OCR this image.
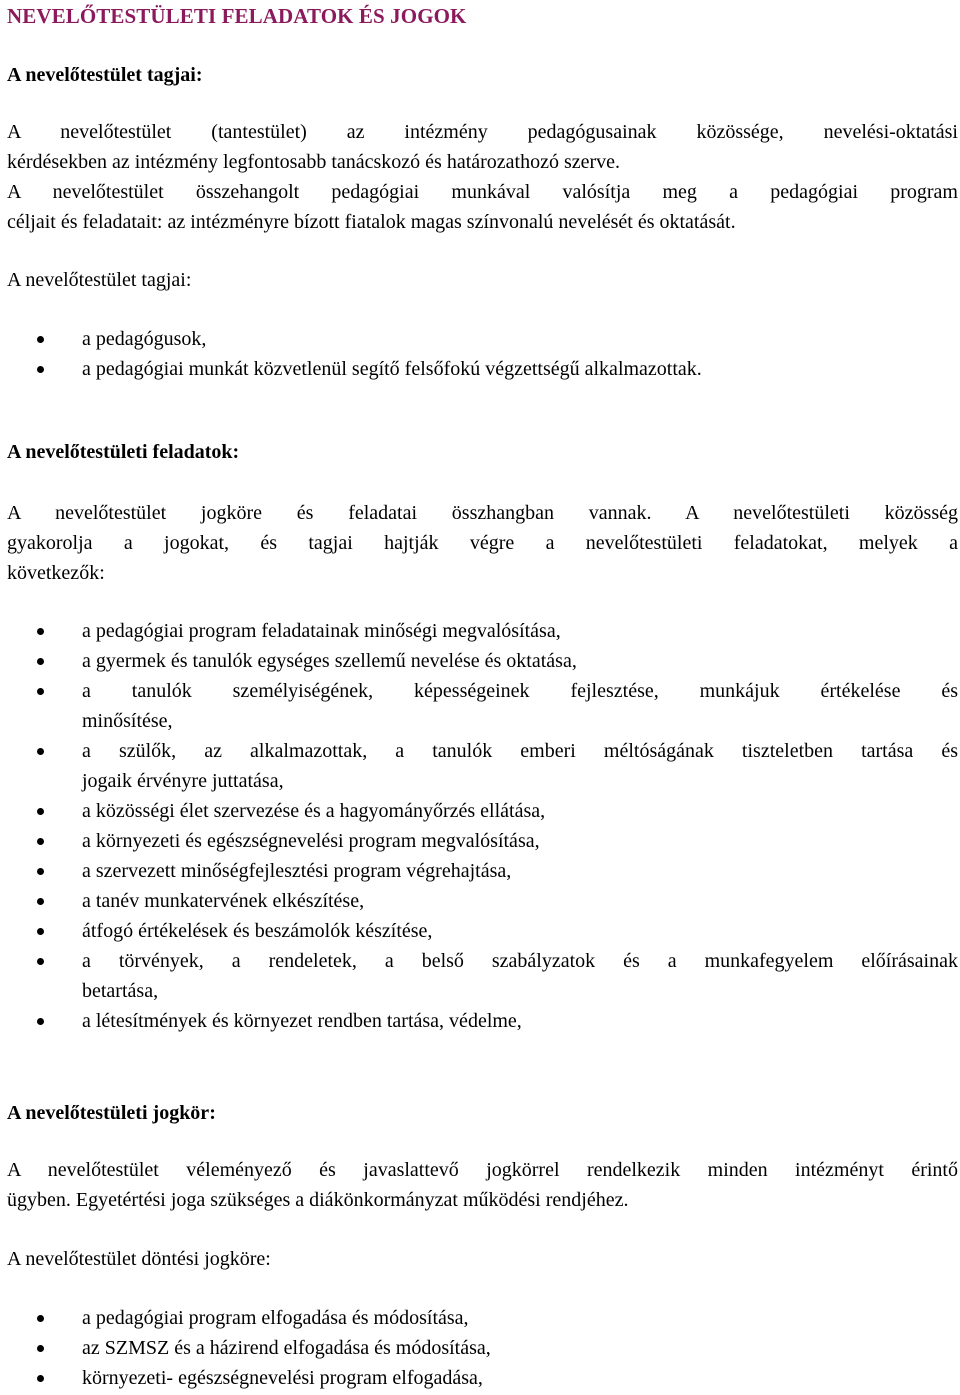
NEVELŐTESTÜLETI FELADATOK ÉS JOGOK
A nevelőtestület tagjai:
A nevelőtestület (tantestület) az intézmény pedagógusainak közössége, nevelési-oktatási
kérdésekben az intézmény legfontosabb tanácskozó és határozathozó szerve.
A nevelőtestület összehangolt pedagógiai munkával valósítja meg a pedagógiai program
céljait és feladatait: az intézményre bízott fiatalok magas színvonalú nevelését és oktatását.

A nevelőtestület tagjai:

a pedagógusok,
a pedagógiai munkát közvetlenül segítő felsőfokú végzettségű alkalmazottak.
A nevelőtestületi feladatok:
A nevelőtestület jogköre és feladatai összhangban vannak. A nevelőtestületi közösség
gyakorolja a jogokat, és tagjai hajtják végre a nevelőtestületi feladatokat, melyek a
következők:
a pedagógiai program feladatainak minőségi megvalósítása,
a gyermek és tanulók egységes szellemű nevelése és oktatása,
a tanulók személyiségének, képességeinek fejlesztése, munkájuk értékelése és
minősítése,
a szülők, az alkalmazottak, a tanulók emberi méltóságának tiszteletben tartása és
jogaik érvényre juttatása,
a közösségi élet szervezése és a hagyományőrzés ellátása,
a környezeti és egészségnevelési program megvalósítása,
a szervezett minőségfejlesztési program végrehajtása,
a tanév munkatervének elkészítése,
átfogó értékelések és beszámolók készítése,
a törvények, a rendeletek, a belső szabályzatok és a munkafegyelem előírásainak
betartása,
a létesítmények és környezet rendben tartása, védelme,
A nevelőtestületi jogkör:
A nevelőtestület véleményező és javaslattevő jogkörrel rendelkezik minden intézményt érintő
ügyben. Egyetértési joga szükséges a diákönkormányzat működési rendjéhez.

A nevelőtestület döntési jogköre:

a pedagógiai program elfogadása és módosítása,
az SZMSZ és a házirend elfogadása és módosítása,
környezeti- egészségnevelési program elfogadása,
